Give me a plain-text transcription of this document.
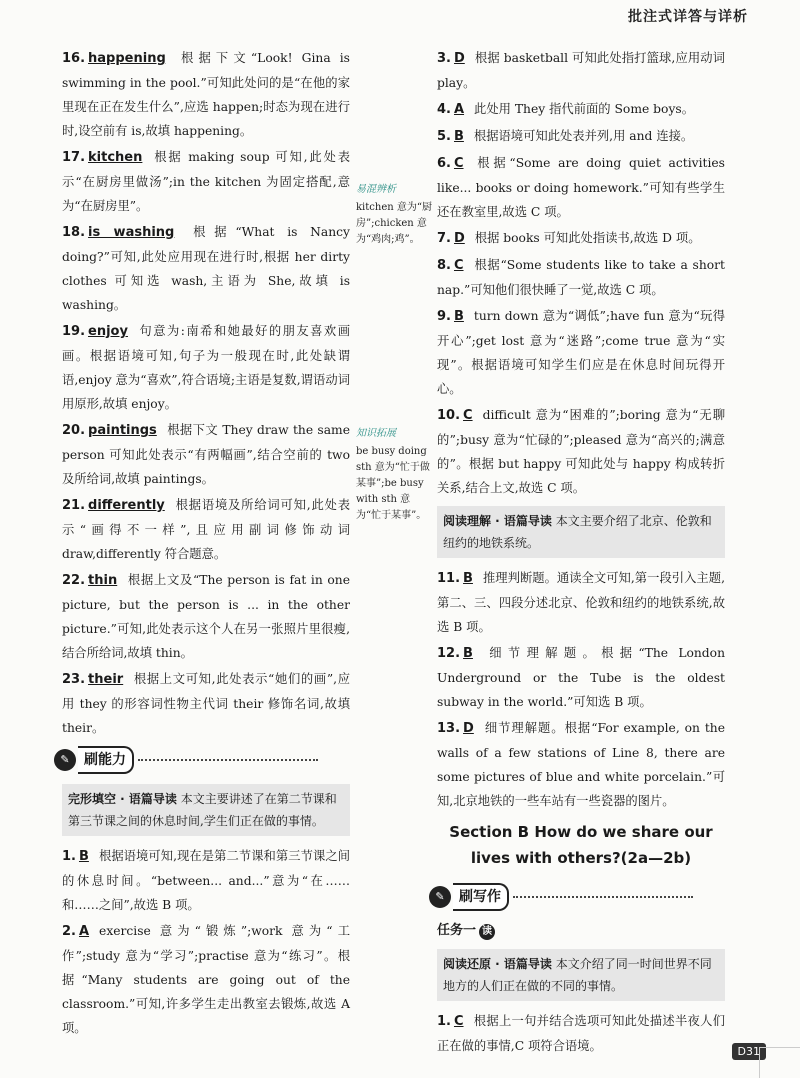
批注式详答与详析
16. happening 根据下文“Look! Gina is swimming in the pool.”可知此处问的是“在他的家里现在正在发生什么”,应选 happen;时态为现在进行时,设空前有 is,故填 happening。
17. kitchen 根据 making soup 可知,此处表示“在厨房里做汤”;in the kitchen 为固定搭配,意为“在厨房里”。
18. is washing 根据“What is Nancy doing?”可知,此处应用现在进行时,根据 her dirty clothes 可知选 wash,主语为 She,故填 is washing。
19. enjoy 句意为:南希和她最好的朋友喜欢画画。根据语境可知,句子为一般现在时,此处缺谓语,enjoy 意为“喜欢”,符合语境;主语是复数,谓语动词用原形,故填 enjoy。
20. paintings 根据下文 They draw the same person 可知此处表示“有两幅画”,结合空前的 two 及所给词,故填 paintings。
21. differently 根据语境及所给词可知,此处表示“画得不一样”,且应用副词修饰动词 draw,differently 符合题意。
22. thin 根据上文及“The person is fat in one picture, but the person is ... in the other picture.”可知,此处表示这个人在另一张照片里很瘦,结合所给词,故填 thin。
23. their 根据上文可知,此处表示“她们的画”,应用 they 的形容词性物主代词 their 修饰名词,故填 their。
✎	刷能力
完形填空 · 语篇导读 本文主要讲述了在第二节课和第三节课之间的休息时间,学生们正在做的事情。
1. B 根据语境可知,现在是第二节课和第三节课之间的休息时间。“between... and...”意为“在……和……之间”,故选 B 项。
2. A exercise 意为“锻炼”;work 意为“工作”;study 意为“学习”;practise 意为“练习”。根据“Many students are going out of the classroom.”可知,许多学生走出教室去锻炼,故选 A 项。
易混辨析
kitchen 意为“厨房”;chicken 意为“鸡肉;鸡”。
知识拓展
be busy doing sth 意为“忙于做某事”;be busy with sth 意为“忙于某事”。
3. D 根据 basketball 可知此处指打篮球,应用动词 play。
4. A 此处用 They 指代前面的 Some boys。
5. B 根据语境可知此处表并列,用 and 连接。
6. C 根据“Some are doing quiet activities like... books or doing homework.”可知有些学生还在教室里,故选 C 项。
7. D 根据 books 可知此处指读书,故选 D 项。
8. C 根据“Some students like to take a short nap.”可知他们很快睡了一觉,故选 C 项。
9. B turn down 意为“调低”;have fun 意为“玩得开心”;get lost 意为“迷路”;come true 意为“实现”。根据语境可知学生们应是在休息时间玩得开心。
10. C difficult 意为“困难的”;boring 意为“无聊的”;busy 意为“忙碌的”;pleased 意为“高兴的;满意的”。根据 but happy 可知此处与 happy 构成转折关系,结合上文,故选 C 项。
阅读理解 · 语篇导读 本文主要介绍了北京、伦敦和纽约的地铁系统。
11. B 推理判断题。通读全文可知,第一段引入主题,第二、三、四段分述北京、伦敦和纽约的地铁系统,故选 B 项。
12. B 细节理解题。根据“The London Underground or the Tube is the oldest subway in the world.”可知选 B 项。
13. D 细节理解题。根据“For example, on the walls of a few stations of Line 8, there are some pictures of blue and white porcelain.”可知,北京地铁的一些车站有一些瓷器的图片。
Section B How do we share our lives with others?(2a—2b)
✎	刷写作
任务一 读
阅读还原 · 语篇导读 本文介绍了同一时间世界不同地方的人们正在做的不同的事情。
1. C 根据上一句并结合选项可知此处描述半夜人们正在做的事情,C 项符合语境。	D31
